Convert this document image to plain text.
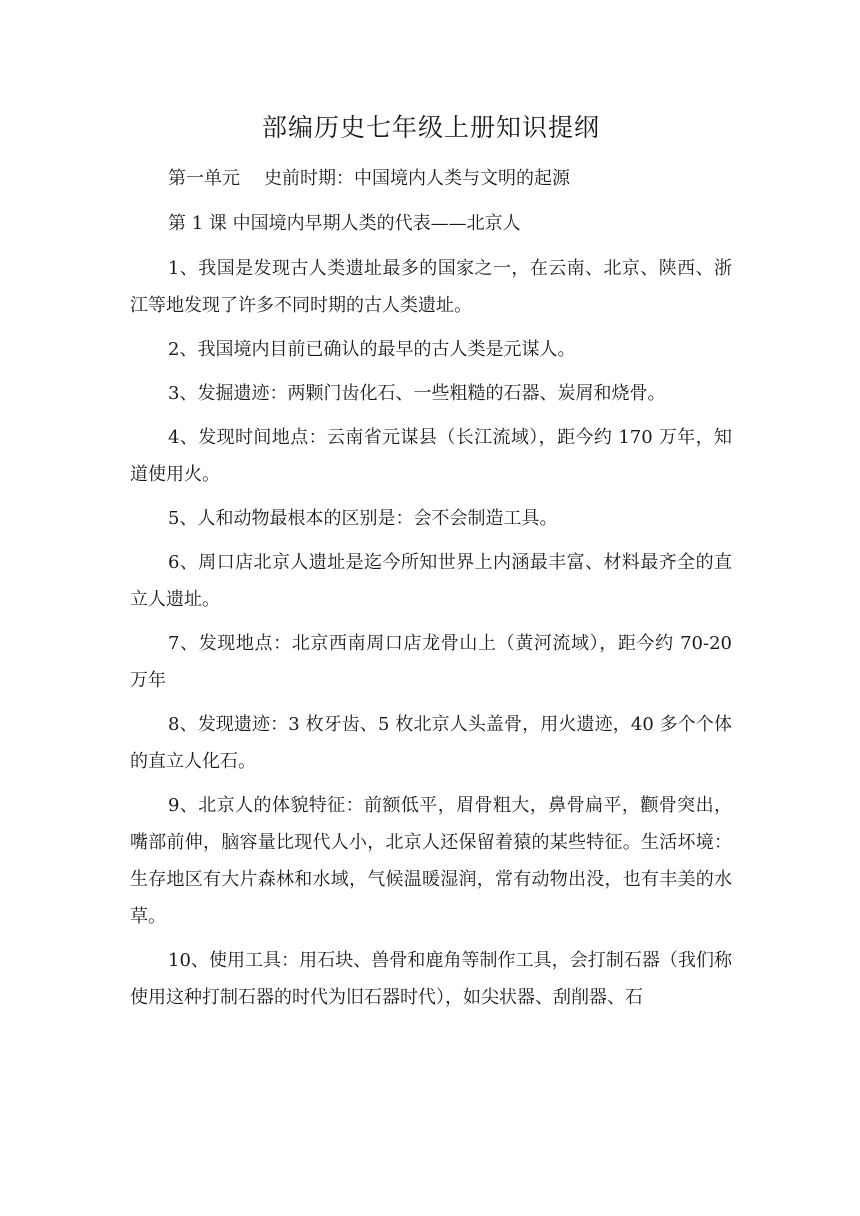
部编历史七年级上册知识提纲

第一单元 史前时期：中国境内人类与文明的起源

第 1 课 中国境内早期人类的代表——北京人

1、我国是发现古人类遗址最多的国家之一，在云南、北京、陕西、浙江等地发现了许多不同时期的古人类遗址。

2、我国境内目前已确认的最早的古人类是元谋人。

3、发掘遗迹：两颗门齿化石、一些粗糙的石器、炭屑和烧骨。

4、发现时间地点：云南省元谋县（长江流域），距今约 170 万年，知道使用火。

5、人和动物最根本的区别是：会不会制造工具。

6、周口店北京人遗址是迄今所知世界上内涵最丰富、材料最齐全的直立人遗址。

7、发现地点：北京西南周口店龙骨山上（黄河流域），距今约 70-20 万年

8、发现遗迹：3 枚牙齿、5 枚北京人头盖骨，用火遗迹，40 多个个体的直立人化石。

9、北京人的体貌特征：前额低平，眉骨粗大，鼻骨扁平，颧骨突出，嘴部前伸，脑容量比现代人小，北京人还保留着猿的某些特征。生活坏境：生存地区有大片森林和水域，气候温暖湿润，常有动物出没，也有丰美的水草。

10、使用工具：用石块、兽骨和鹿角等制作工具，会打制石器（我们称使用这种打制石器的时代为旧石器时代），如尖状器、刮削器、石
